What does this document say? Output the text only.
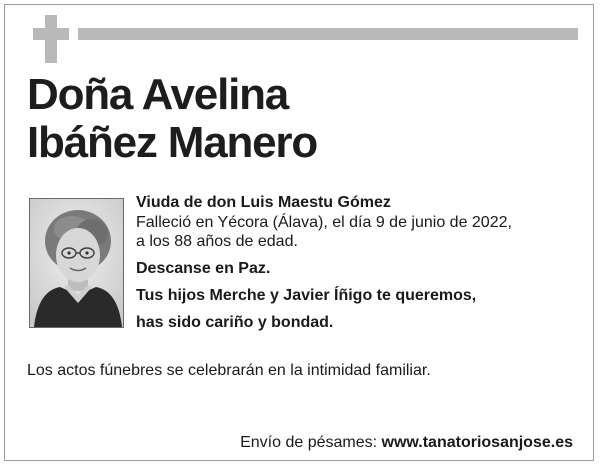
Doña Avelina
Ibáñez Manero
Viuda de don Luis Maestu Gómez
Falleció en Yécora (Álava), el día 9 de junio de 2022,
a los 88 años de edad.
Descanse en Paz.
Tus hijos Merche y Javier Íñigo te queremos,
has sido cariño y bondad.
Los actos fúnebres se celebrarán en la intimidad familiar.
Envío de pésames: www.tanatoriosanjose.es
